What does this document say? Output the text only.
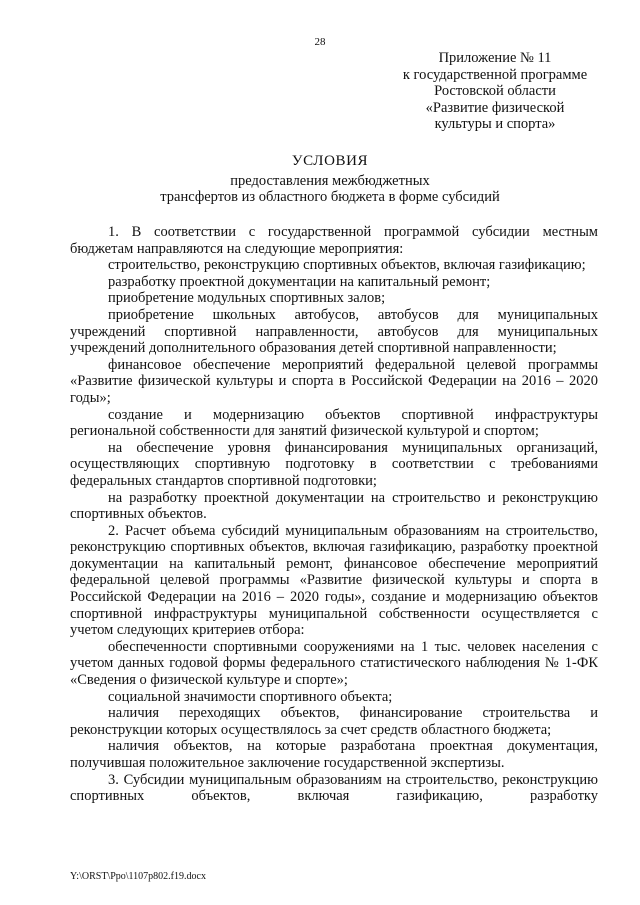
28
Приложение № 11
к государственной программе
Ростовской области
«Развитие физической
культуры и спорта»
УСЛОВИЯ
предоставления межбюджетных
трансфертов из областного бюджета в форме субсидий

1. В соответствии с государственной программой субсидии местным бюджетам направляются на следующие мероприятия:

строительство, реконструкцию спортивных объектов, включая газификацию;

разработку проектной документации на капитальный ремонт;

приобретение модульных спортивных залов;

приобретение школьных автобусов, автобусов для муниципальных учреждений спортивной направленности, автобусов для муниципальных учреждений дополнительного образования детей спортивной направленности;

финансовое обеспечение мероприятий федеральной целевой программы «Развитие физической культуры и спорта в Российской Федерации на 2016 – 2020 годы»;

создание и модернизацию объектов спортивной инфраструктуры региональной собственности для занятий физической культурой и спортом;

на обеспечение уровня финансирования муниципальных организаций, осуществляющих спортивную подготовку в соответствии с требованиями федеральных стандартов спортивной подготовки;

на разработку проектной документации на строительство и реконструкцию спортивных объектов.

2. Расчет объема субсидий муниципальным образованиям на строительство, реконструкцию спортивных объектов, включая газификацию, разработку проектной документации на капитальный ремонт, финансовое обеспечение мероприятий федеральной целевой программы «Развитие физической культуры и спорта в Российской Федерации на 2016 – 2020 годы», создание и модернизацию объектов спортивной инфраструктуры муниципальной собственности осуществляется с учетом следующих критериев отбора:

обеспеченности спортивными сооружениями на 1 тыс. человек населения с учетом данных годовой формы федерального статистического наблюдения № 1-ФК «Сведения о физической культуре и спорте»;

социальной значимости спортивного объекта;

наличия переходящих объектов, финансирование строительства и реконструкции которых осуществлялось за счет средств областного бюджета;

наличия объектов, на которые разработана проектная документация, получившая положительное заключение государственной экспертизы.

3. Субсидии муниципальным образованиям на строительство, реконструкцию спортивных объектов, включая газификацию, разработку

Y:\ORST\Ppo\1107p802.f19.docx
